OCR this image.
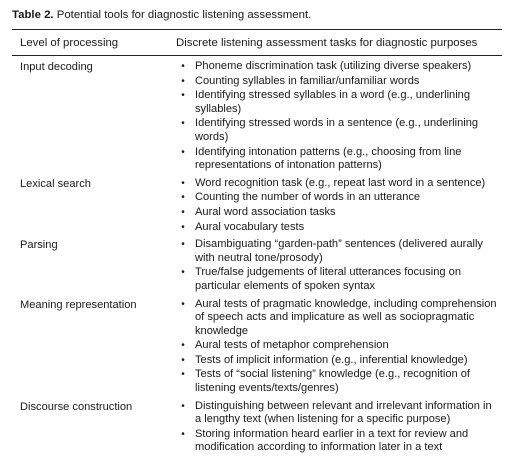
Table 2. Potential tools for diagnostic listening assessment.
Level of processing	Discrete listening assessment tasks for diagnostic purposes
Input decoding	• Phoneme discrimination task (utilizing diverse speakers)
• Counting syllables in familiar/unfamiliar words
• Identifying stressed syllables in a word (e.g., underlining syllables)
• Identifying stressed words in a sentence (e.g., underlining words)
• Identifying intonation patterns (e.g., choosing from line representations of intonation patterns)
Lexical search	• Word recognition task (e.g., repeat last word in a sentence)
• Counting the number of words in an utterance
• Aural word association tasks
• Aural vocabulary tests
Parsing	• Disambiguating “garden-path” sentences (delivered aurally with neutral tone/prosody)
• True/false judgements of literal utterances focusing on particular elements of spoken syntax
Meaning representation	• Aural tests of pragmatic knowledge, including comprehension of speech acts and implicature as well as sociopragmatic knowledge
• Aural tests of metaphor comprehension
• Tests of implicit information (e.g., inferential knowledge)
• Tests of “social listening” knowledge (e.g., recognition of listening events/texts/genres)
Discourse construction	• Distinguishing between relevant and irrelevant information in a lengthy text (when listening for a specific purpose)
• Storing information heard earlier in a text for review and modification according to information later in a text
